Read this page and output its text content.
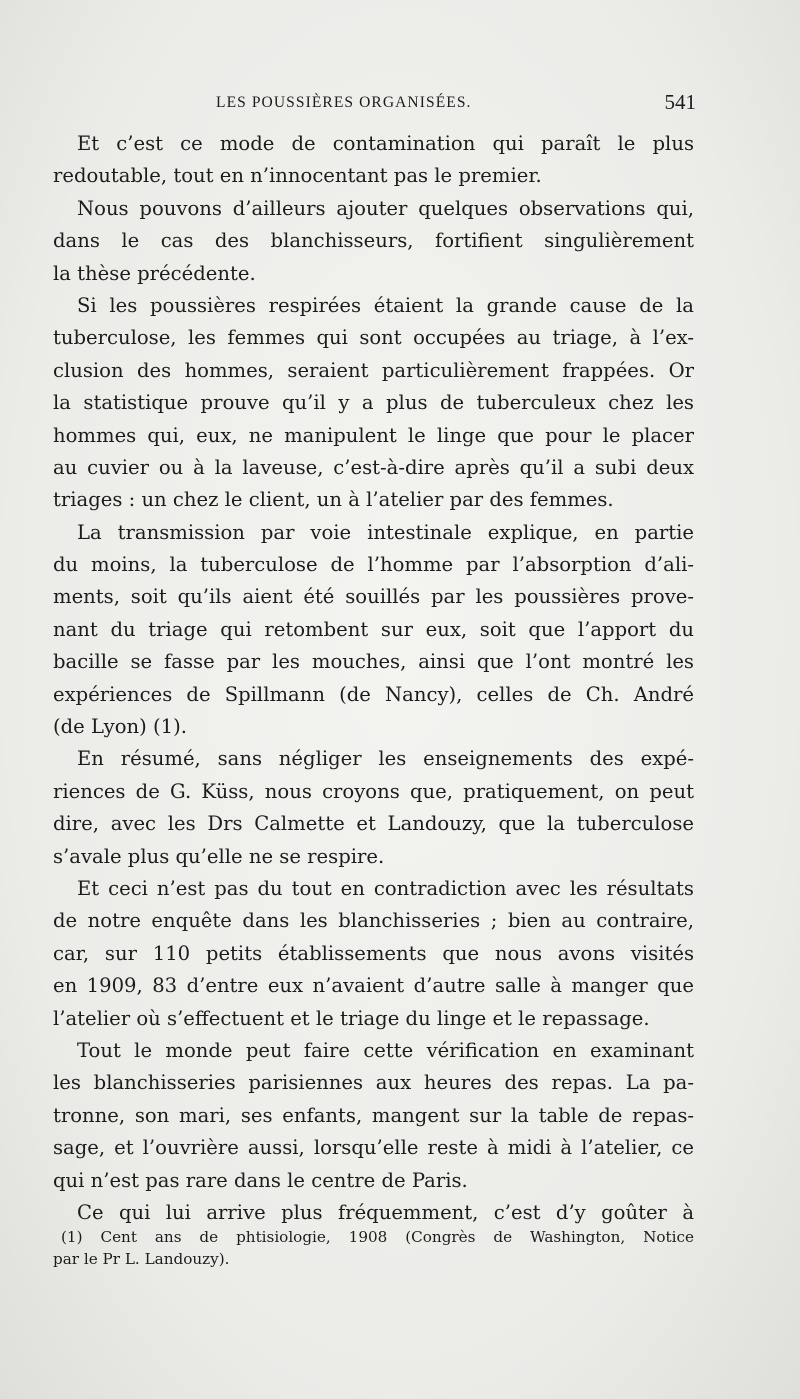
LES POUSSIÈRES ORGANISÉES.	541
Et c’est ce mode de contamination qui paraît le plus
redoutable, tout en n’innocentant pas le premier.
Nous pouvons d’ailleurs ajouter quelques observations qui,
dans le cas des blanchisseurs, fortifient singulièrement
la thèse précédente.
Si les poussières respirées étaient la grande cause de la
tuberculose, les femmes qui sont occupées au triage, à l’ex-
clusion des hommes, seraient particulièrement frappées. Or
la statistique prouve qu’il y a plus de tuberculeux chez les
hommes qui, eux, ne manipulent le linge que pour le placer
au cuvier ou à la laveuse, c’est-à-dire après qu’il a subi deux
triages : un chez le client, un à l’atelier par des femmes.
La transmission par voie intestinale explique, en partie
du moins, la tuberculose de l’homme par l’absorption d’ali-
ments, soit qu’ils aient été souillés par les poussières prove-
nant du triage qui retombent sur eux, soit que l’apport du
bacille se fasse par les mouches, ainsi que l’ont montré les
expériences de Spillmann (de Nancy), celles de Ch. André
(de Lyon) (1).
En résumé, sans négliger les enseignements des expé-
riences de G. Küss, nous croyons que, pratiquement, on peut
dire, avec les Drs Calmette et Landouzy, que la tuberculose
s’avale plus qu’elle ne se respire.
Et ceci n’est pas du tout en contradiction avec les résultats
de notre enquête dans les blanchisseries ; bien au contraire,
car, sur 110 petits établissements que nous avons visités
en 1909, 83 d’entre eux n’avaient d’autre salle à manger que
l’atelier où s’effectuent et le triage du linge et le repassage.
Tout le monde peut faire cette vérification en examinant
les blanchisseries parisiennes aux heures des repas. La pa-
tronne, son mari, ses enfants, mangent sur la table de repas-
sage, et l’ouvrière aussi, lorsqu’elle reste à midi à l’atelier, ce
qui n’est pas rare dans le centre de Paris.
Ce qui lui arrive plus fréquemment, c’est d’y goûter à
(1) Cent ans de phtisiologie, 1908 (Congrès de Washington, Notice
par le Pr L. Landouzy).
